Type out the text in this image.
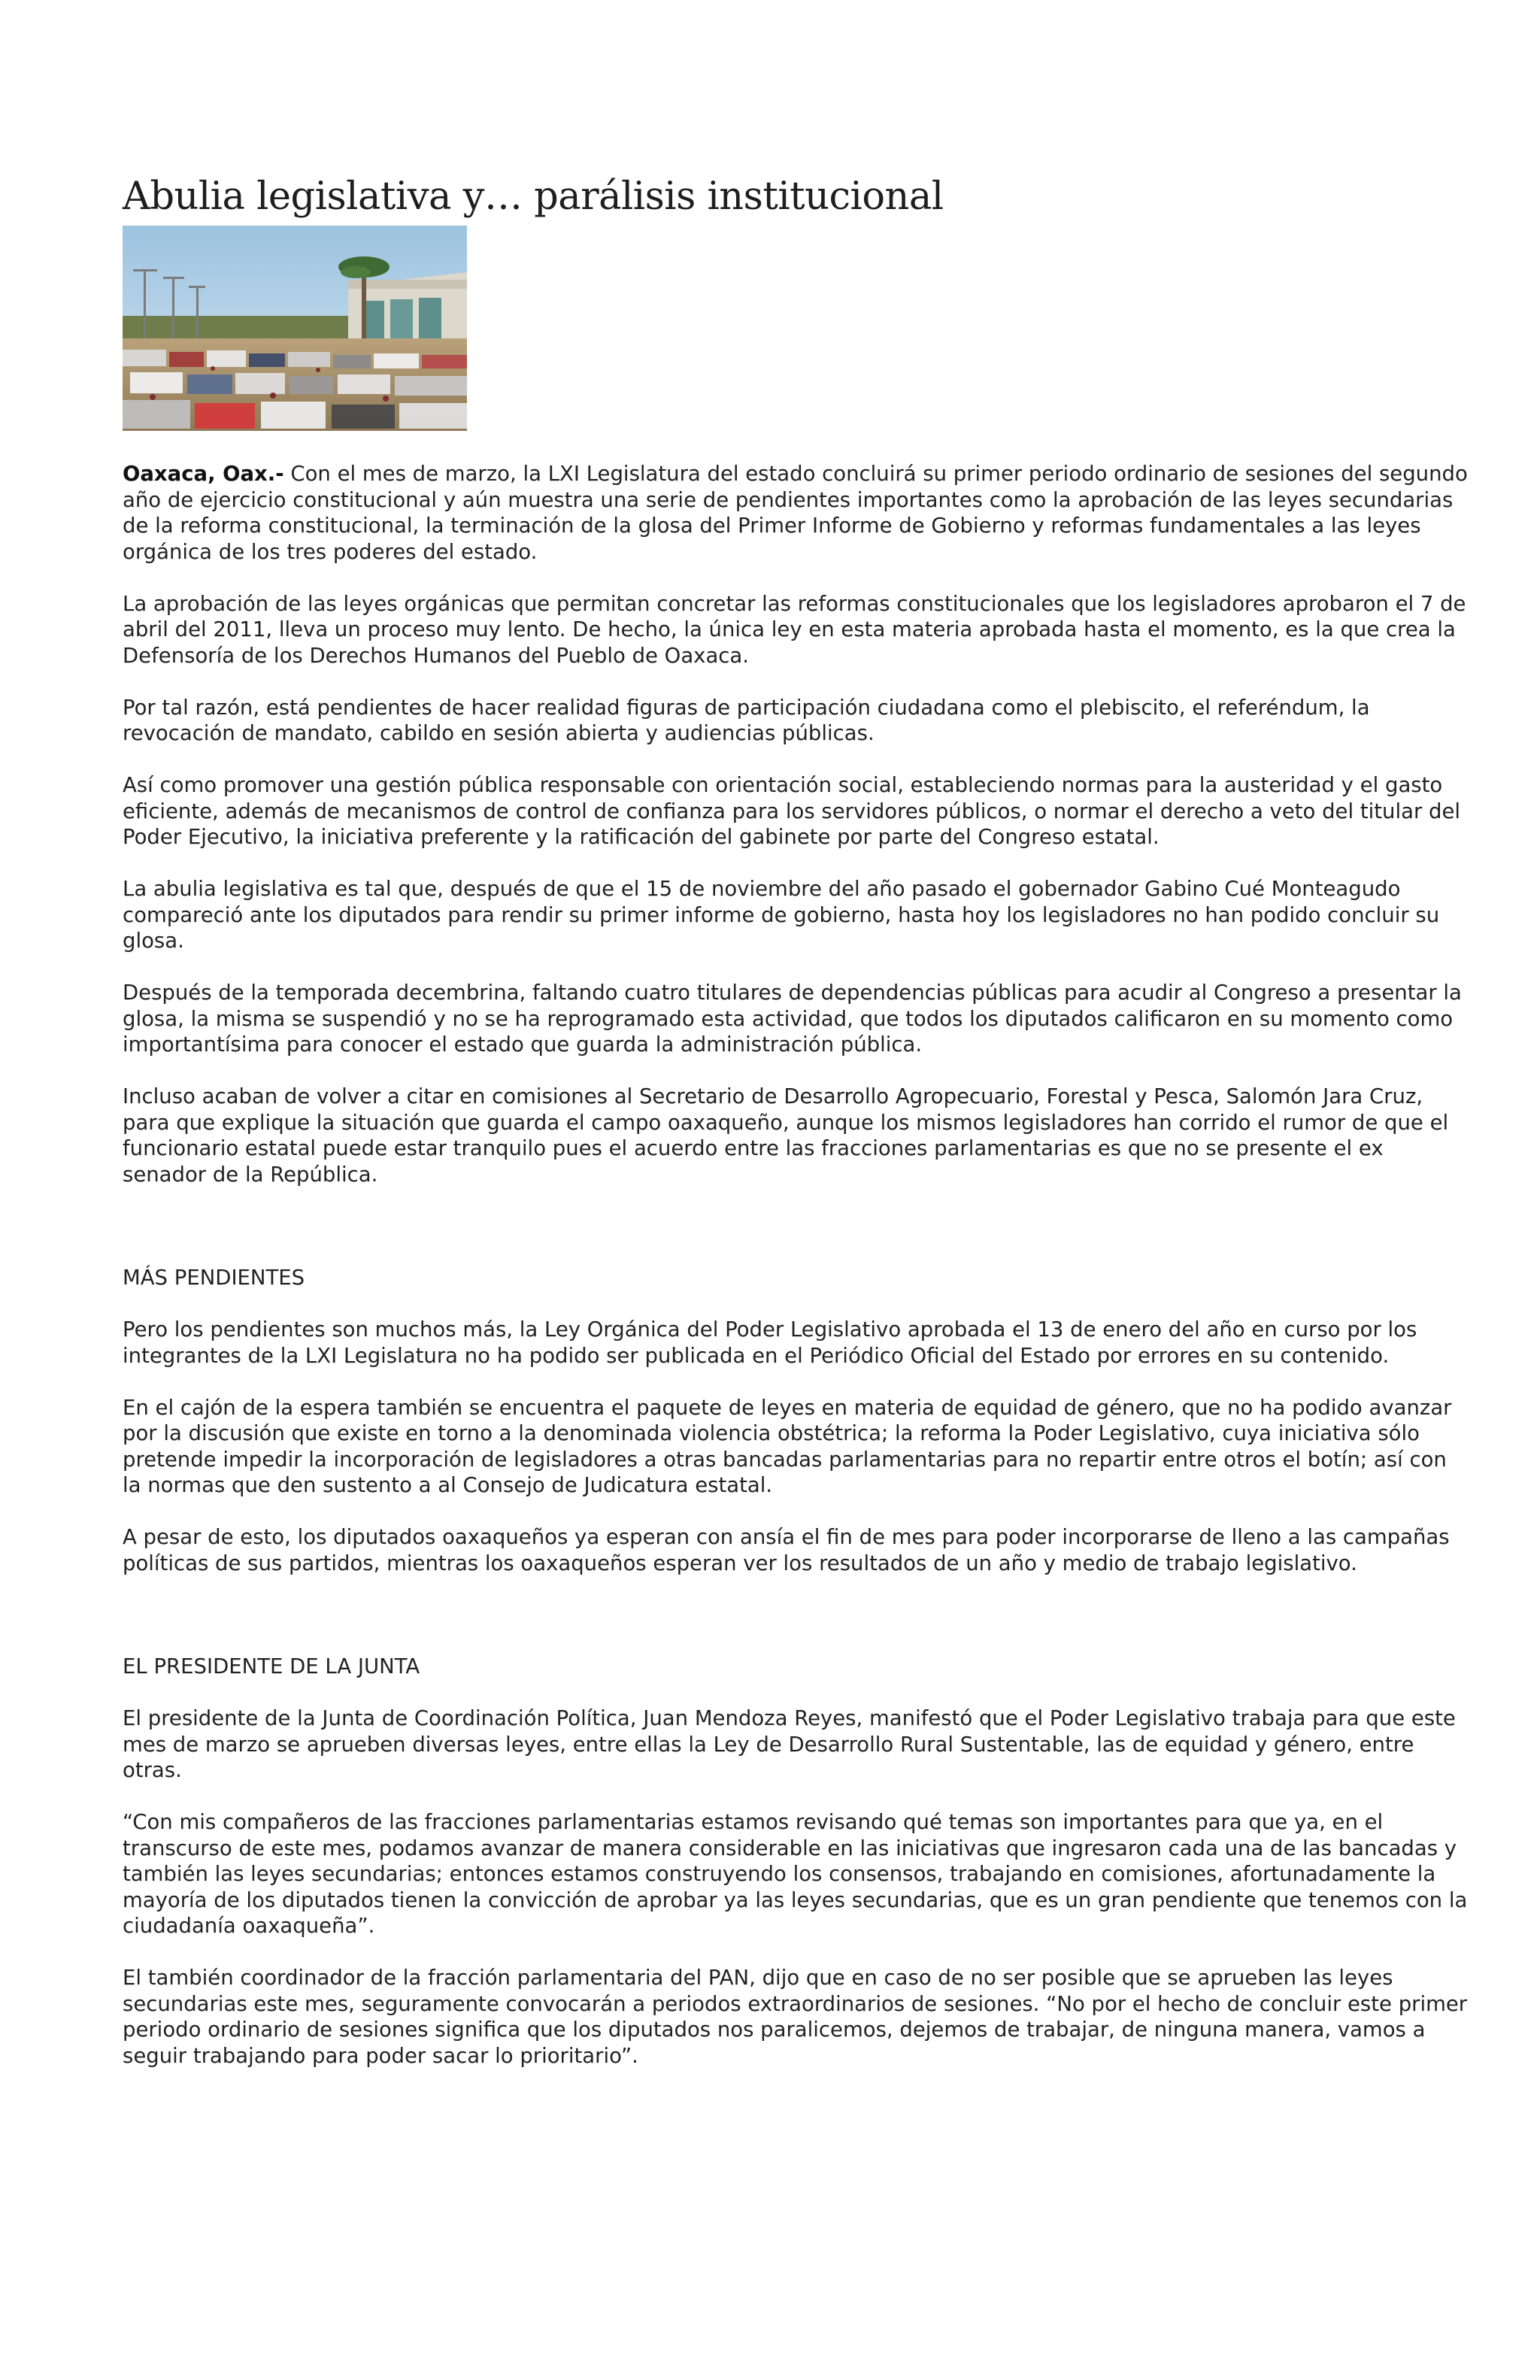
Abulia legislativa y… parálisis institucional

Oaxaca, Oax.- Con el mes de marzo, la LXI Legislatura del estado concluirá su primer periodo ordinario de sesiones del segundo año de ejercicio constitucional y aún muestra una serie de pendientes importantes como la aprobación de las leyes secundarias de la reforma constitucional, la terminación de la glosa del Primer Informe de Gobierno y reformas fundamentales a las leyes orgánica de los tres poderes del estado.

La aprobación de las leyes orgánicas que permitan concretar las reformas constitucionales que los legisladores aprobaron el 7 de abril del 2011, lleva un proceso muy lento. De hecho, la única ley en esta materia aprobada hasta el momento, es la que crea la Defensoría de los Derechos Humanos del Pueblo de Oaxaca.

Por tal razón, está pendientes de hacer realidad figuras de participación ciudadana como el plebiscito, el referéndum, la revocación de mandato, cabildo en sesión abierta y audiencias públicas.

Así como promover una gestión pública responsable con orientación social, estableciendo normas para la austeridad y el gasto eficiente, además de mecanismos de control de confianza para los servidores públicos, o normar el derecho a veto del titular del Poder Ejecutivo, la iniciativa preferente y la ratificación del gabinete por parte del Congreso estatal.

La abulia legislativa es tal que, después de que el 15 de noviembre del año pasado el gobernador Gabino Cué Monteagudo compareció ante los diputados para rendir su primer informe de gobierno, hasta hoy los legisladores no han podido concluir su glosa.

Después de la temporada decembrina, faltando cuatro titulares de dependencias públicas para acudir al Congreso a presentar la glosa, la misma se suspendió y no se ha reprogramado esta actividad, que todos los diputados calificaron en su momento como importantísima para conocer el estado que guarda la administración pública.

Incluso acaban de volver a citar en comisiones al Secretario de Desarrollo Agropecuario, Forestal y Pesca, Salomón Jara Cruz, para que explique la situación que guarda el campo oaxaqueño, aunque los mismos legisladores han corrido el rumor de que el funcionario estatal puede estar tranquilo pues el acuerdo entre las fracciones parlamentarias es que no se presente el ex senador de la República.

MÁS PENDIENTES

Pero los pendientes son muchos más, la Ley Orgánica del Poder Legislativo aprobada el 13 de enero del año en curso por los integrantes de la LXI Legislatura no ha podido ser publicada en el Periódico Oficial del Estado por errores en su contenido.

En el cajón de la espera también se encuentra el paquete de leyes en materia de equidad de género, que no ha podido avanzar por la discusión que existe en torno a la denominada violencia obstétrica; la reforma la Poder Legislativo, cuya iniciativa sólo pretende impedir la incorporación de legisladores a otras bancadas parlamentarias para no repartir entre otros el botín; así con la normas que den sustento a al Consejo de Judicatura estatal.

A pesar de esto, los diputados oaxaqueños ya esperan con ansía el fin de mes para poder incorporarse de lleno a las campañas políticas de sus partidos, mientras los oaxaqueños esperan ver los resultados de un año y medio de trabajo legislativo.

EL PRESIDENTE DE LA JUNTA

El presidente de la Junta de Coordinación Política, Juan Mendoza Reyes, manifestó que el Poder Legislativo trabaja para que este mes de marzo se aprueben diversas leyes, entre ellas la Ley de Desarrollo Rural Sustentable, las de equidad y género, entre otras.

“Con mis compañeros de las fracciones parlamentarias estamos revisando qué temas son importantes para que ya, en el transcurso de este mes, podamos avanzar de manera considerable en las iniciativas que ingresaron cada una de las bancadas y también las leyes secundarias; entonces estamos construyendo los consensos, trabajando en comisiones, afortunadamente la mayoría de los diputados tienen la convicción de aprobar ya las leyes secundarias, que es un gran pendiente que tenemos con la ciudadanía oaxaqueña”.

El también coordinador de la fracción parlamentaria del PAN, dijo que en caso de no ser posible que se aprueben las leyes secundarias este mes, seguramente convocarán a periodos extraordinarios de sesiones. “No por el hecho de concluir este primer periodo ordinario de sesiones significa que los diputados nos paralicemos, dejemos de trabajar, de ninguna manera, vamos a seguir trabajando para poder sacar lo prioritario”.
